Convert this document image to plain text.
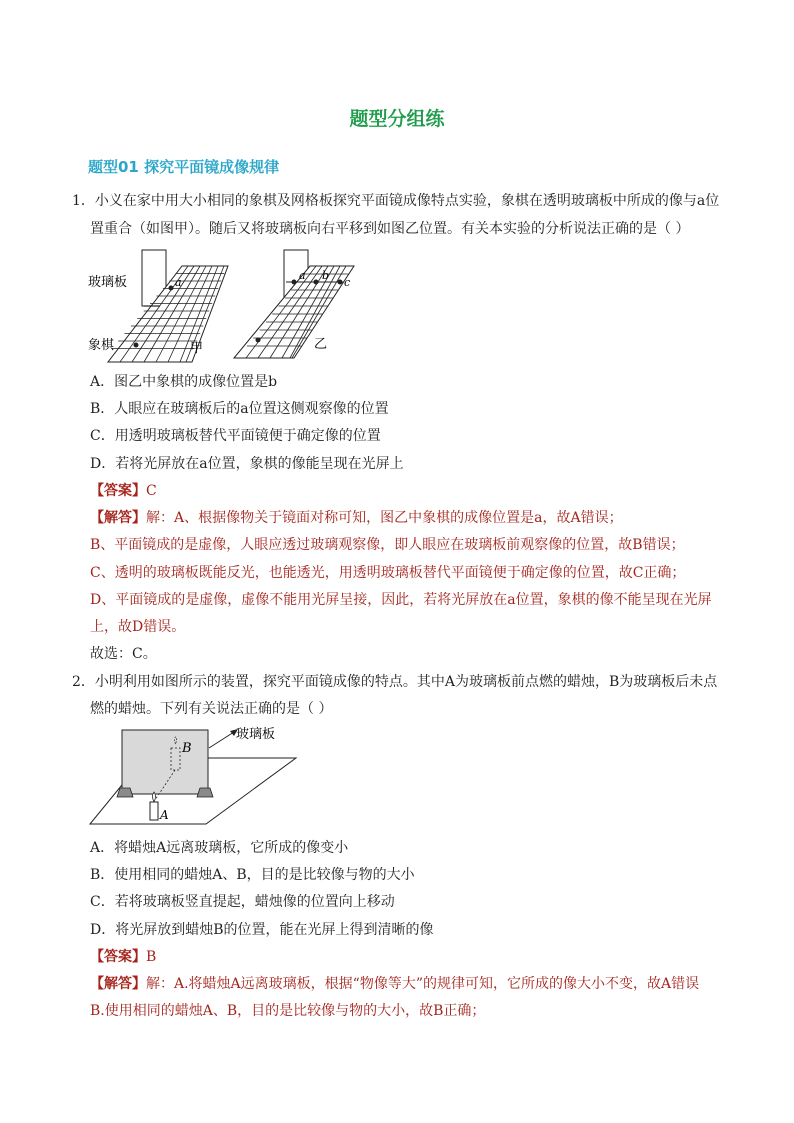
题型分组练
题型01 探究平面镜成像规律
1．小义在家中用大小相同的象棋及网格板探究平面镜成像特点实验，象棋在透明玻璃板中所成的像与a位
置重合（如图甲）。随后又将玻璃板向右平移到如图乙位置。有关本实验的分析说法正确的是（ ）
a
玻璃板
象棋	甲
a b
c
乙
A．图乙中象棋的成像位置是b
B．人眼应在玻璃板后的a位置这侧观察像的位置
C．用透明玻璃板替代平面镜便于确定像的位置
D．若将光屏放在a位置，象棋的像能呈现在光屏上
【答案】C
【解答】解：A、根据像物关于镜面对称可知，图乙中象棋的成像位置是a，故A错误；
B、平面镜成的是虚像，人眼应透过玻璃观察像，即人眼应在玻璃板前观察像的位置，故B错误；
C、透明的玻璃板既能反光，也能透光，用透明玻璃板替代平面镜便于确定像的位置，故C正确；
D、平面镜成的是虚像，虚像不能用光屏呈接，因此，若将光屏放在a位置，象棋的像不能呈现在光屏
上，故D错误。
故选：C。
2．小明利用如图所示的装置，探究平面镜成像的特点。其中A为玻璃板前点燃的蜡烛，B为玻璃板后未点
燃的蜡烛。下列有关说法正确的是（ ）
B
A
玻璃板
A．将蜡烛A远离玻璃板，它所成的像变小
B．使用相同的蜡烛A、B，目的是比较像与物的大小
C．若将玻璃板竖直提起，蜡烛像的位置向上移动
D．将光屏放到蜡烛B的位置，能在光屏上得到清晰的像
【答案】B
【解答】解：A.将蜡烛A远离玻璃板，根据“物像等大”的规律可知，它所成的像大小不变，故A错误
B.使用相同的蜡烛A、B，目的是比较像与物的大小，故B正确；
